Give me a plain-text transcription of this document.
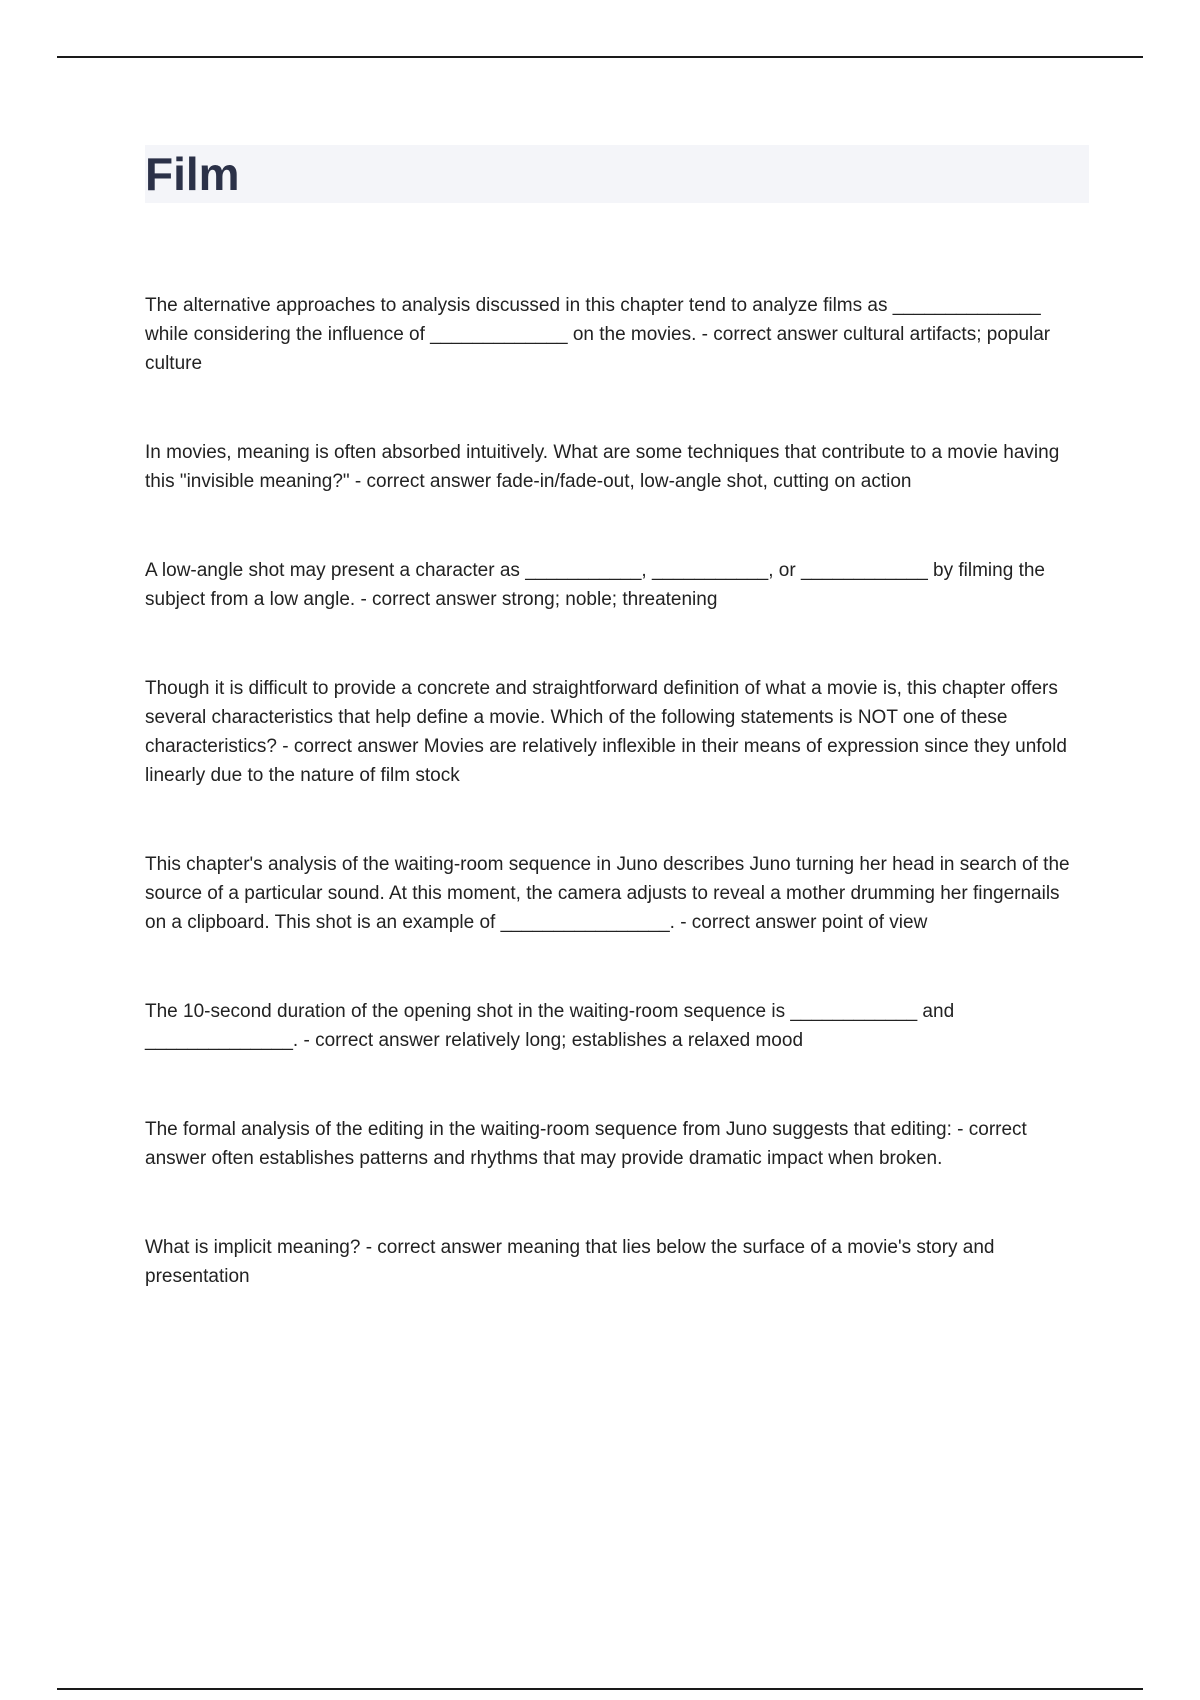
Film

The alternative approaches to analysis discussed in this chapter tend to analyze films as ______________ while considering the influence of _____________ on the movies. - correct answer cultural artifacts; popular culture

In movies, meaning is often absorbed intuitively. What are some techniques that contribute to a movie having this "invisible meaning?" - correct answer fade-in/fade-out, low-angle shot, cutting on action

A low-angle shot may present a character as ___________, ___________, or ____________ by filming the subject from a low angle. - correct answer strong; noble; threatening

Though it is difficult to provide a concrete and straightforward definition of what a movie is, this chapter offers several characteristics that help define a movie. Which of the following statements is NOT one of these characteristics? - correct answer Movies are relatively inflexible in their means of expression since they unfold linearly due to the nature of film stock

This chapter's analysis of the waiting-room sequence in Juno describes Juno turning her head in search of the source of a particular sound. At this moment, the camera adjusts to reveal a mother drumming her fingernails on a clipboard. This shot is an example of ________________. - correct answer point of view

The 10-second duration of the opening shot in the waiting-room sequence is ____________ and ______________. - correct answer relatively long; establishes a relaxed mood

The formal analysis of the editing in the waiting-room sequence from Juno suggests that editing: - correct answer often establishes patterns and rhythms that may provide dramatic impact when broken.

What is implicit meaning? - correct answer meaning that lies below the surface of a movie's story and presentation
